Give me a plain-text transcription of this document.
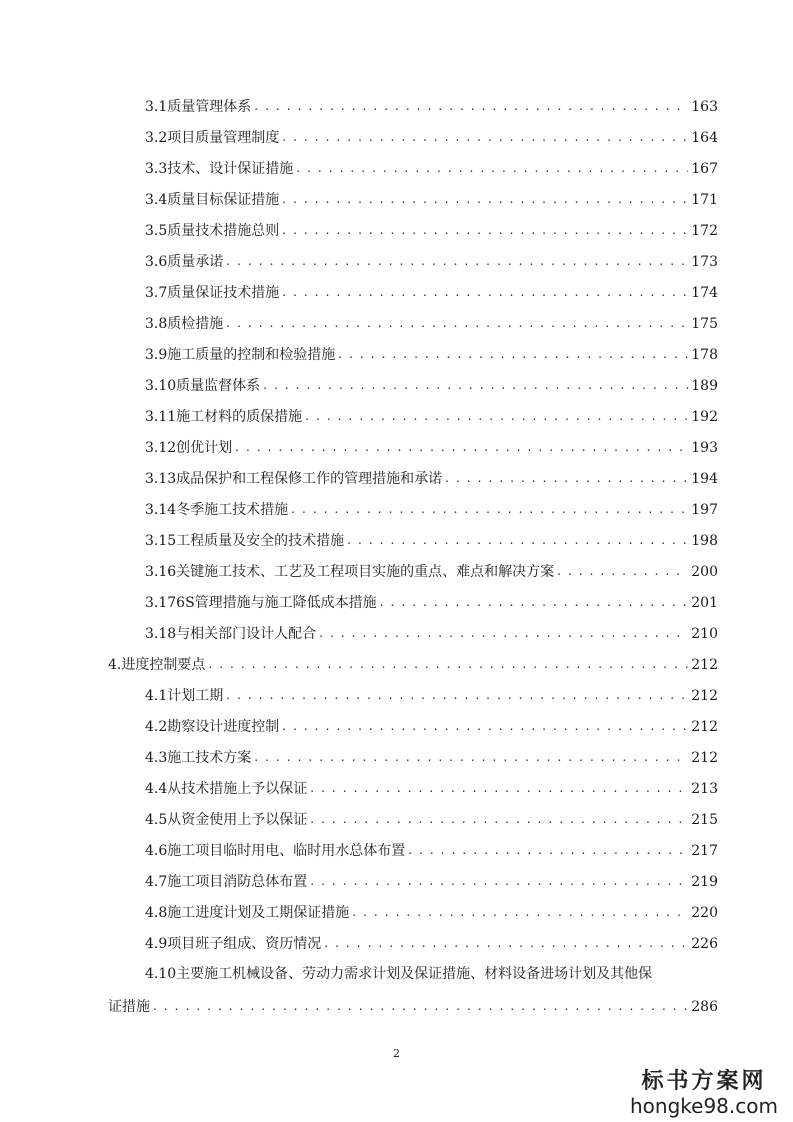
3.1质量管理体系 . . .	163
3.2项目质量管理制度 . . .	164
3.3技术、设计保证措施 . . .	167
3.4质量目标保证措施 . . .	171
3.5质量技术措施总则 . . .	172
3.6质量承诺 . . .	173
3.7质量保证技术措施 . . .	174
3.8质检措施 . . .	175
3.9施工质量的控制和检验措施 . . .	178
3.10质量监督体系 . . .	189
3.11施工材料的质保措施 . . .	192
3.12创优计划 . . .	193
3.13成品保护和工程保修工作的管理措施和承诺 . . .	194
3.14冬季施工技术措施 . . .	197
3.15工程质量及安全的技术措施 . . .	198
3.16关键施工技术、工艺及工程项目实施的重点、难点和解决方案 . . .	200
3.176S管理措施与施工降低成本措施 . . .	201
3.18与相关部门设计人配合 . . .	210
4.进度控制要点 . . .	212
4.1计划工期 . . .	212
4.2勘察设计进度控制 . . .	212
4.3施工技术方案 . . .	212
4.4从技术措施上予以保证 . . .	213
4.5从资金使用上予以保证 . . .	215
4.6施工项目临时用电、临时用水总体布置 . . .	217
4.7施工项目消防总体布置 . . .	219
4.8施工进度计划及工期保证措施 . . .	220
4.9项目班子组成、资历情况 . . .	226
4.10主要施工机械设备、劳动力需求计划及保证措施、材料设备进场计划及其他保
证措施 . . .	286
2
标书方案网
hongke98.com
